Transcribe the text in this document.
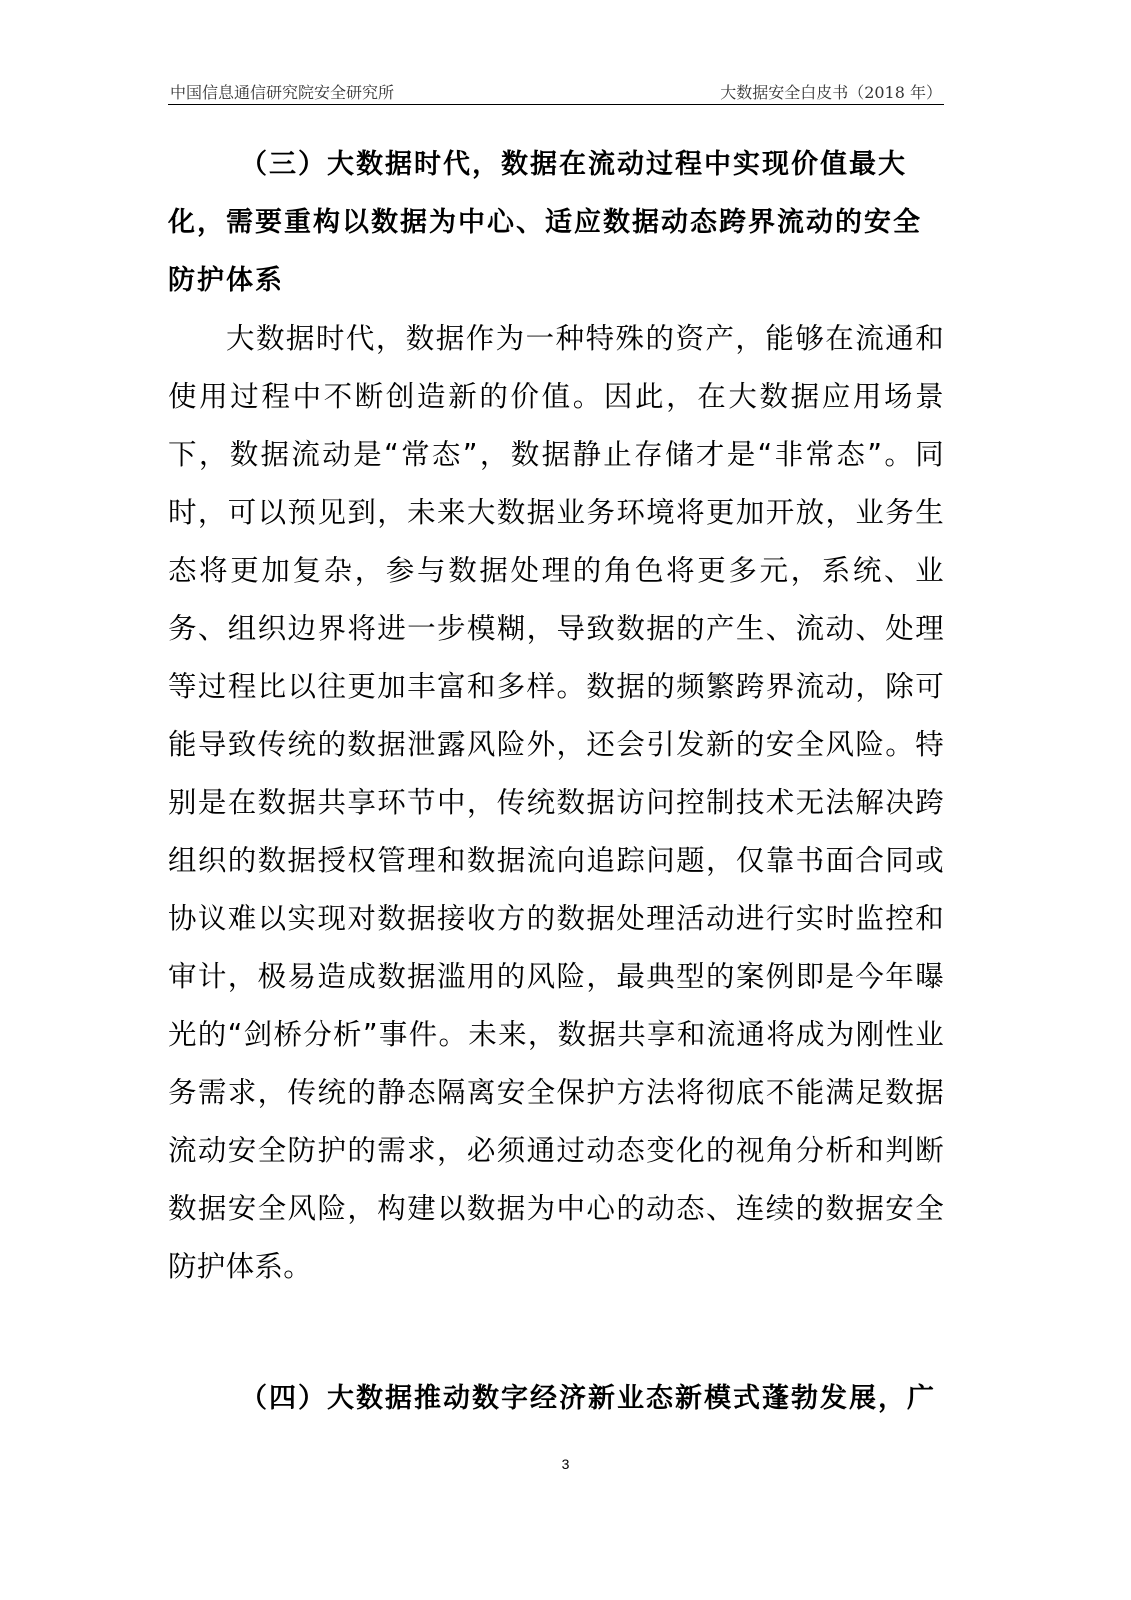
中国信息通信研究院安全研究所	大数据安全白皮书（2018 年）
（三）大数据时代，数据在流动过程中实现价值最大化，需要重构以数据为中心、适应数据动态跨界流动的安全防护体系

大数据时代，数据作为一种特殊的资产，能够在流通和使用过程中不断创造新的价值。因此，在大数据应用场景下，数据流动是“常态”，数据静止存储才是“非常态”。同时，可以预见到，未来大数据业务环境将更加开放，业务生态将更加复杂，参与数据处理的角色将更多元，系统、业务、组织边界将进一步模糊，导致数据的产生、流动、处理等过程比以往更加丰富和多样。数据的频繁跨界流动，除可能导致传统的数据泄露风险外，还会引发新的安全风险。特别是在数据共享环节中，传统数据访问控制技术无法解决跨组织的数据授权管理和数据流向追踪问题，仅靠书面合同或协议难以实现对数据接收方的数据处理活动进行实时监控和审计，极易造成数据滥用的风险，最典型的案例即是今年曝光的“剑桥分析”事件。未来，数据共享和流通将成为刚性业务需求，传统的静态隔离安全保护方法将彻底不能满足数据流动安全防护的需求，必须通过动态变化的视角分析和判断数据安全风险，构建以数据为中心的动态、连续的数据安全防护体系。

（四）大数据推动数字经济新业态新模式蓬勃发展，广
3
